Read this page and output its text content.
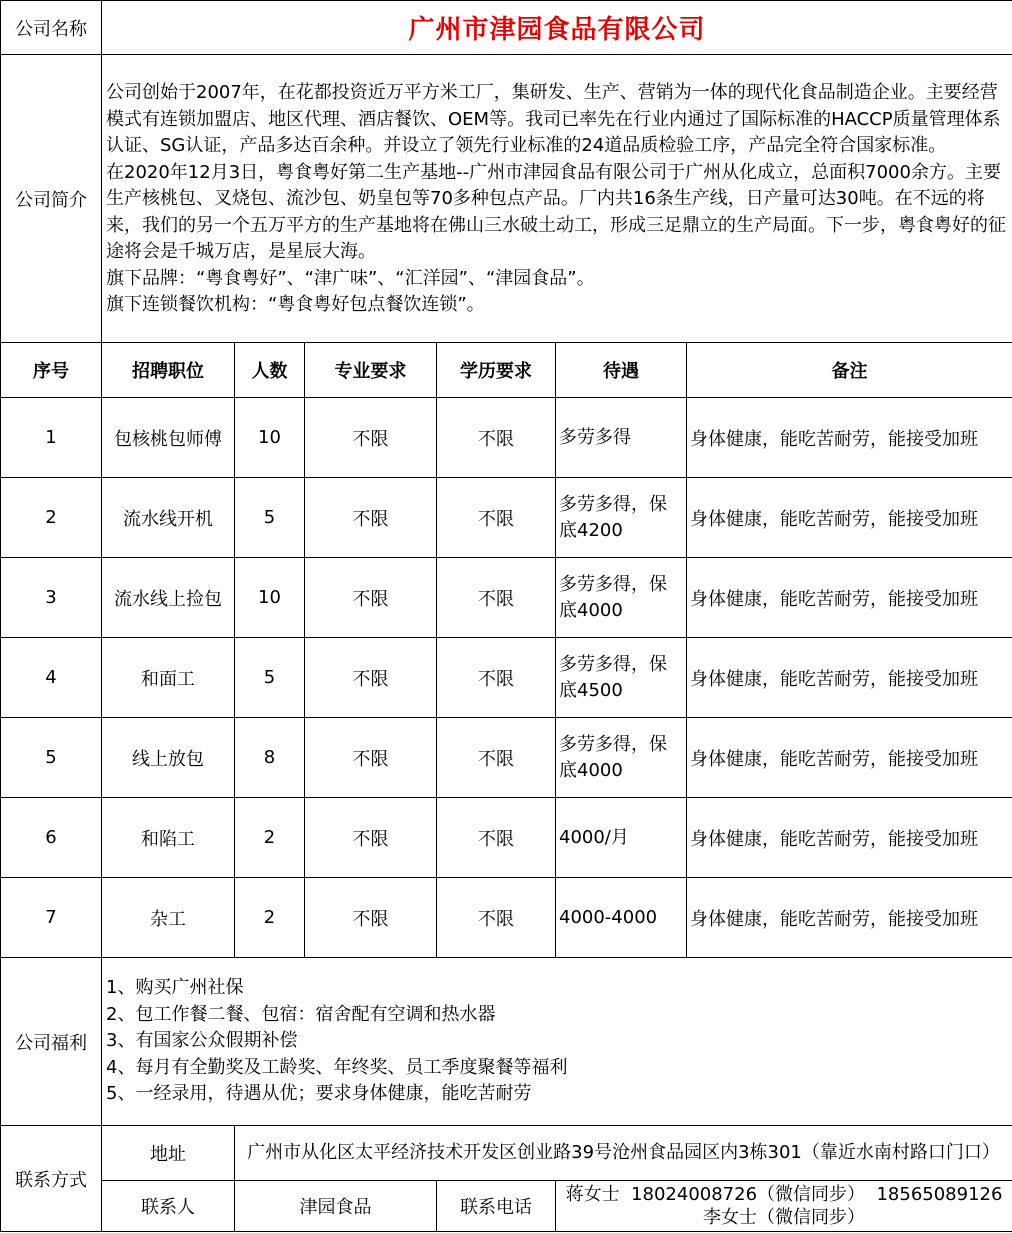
公司名称	广州市津园食品有限公司					
公司简介	公司创始于2007年，在花都投资近万平方米工厂，集研发、生产、营销为一体的现代化食品制造企业。主要经营模式有连锁加盟店、地区代理、酒店餐饮、OEM等。我司已率先在行业内通过了国际标准的HACCP质量管理体系认证、SG认证，产品多达百余种。并设立了领先行业标准的24道品质检验工序，产品完全符合国家标准。

在2020年12月3日，粤食粤好第二生产基地--广州市津园食品有限公司于广州从化成立，总面积7000余方。主要生产核桃包、叉烧包、流沙包、奶皇包等70多种包点产品。厂内共16条生产线，日产量可达30吨。在不远的将来，我们的另一个五万平方的生产基地将在佛山三水破土动工，形成三足鼎立的生产局面。下一步，粤食粤好的征途将会是千城万店，是星辰大海。

旗下品牌：“粤食粤好”、“津广味”、“汇洋园”、“津园食品”。

旗下连锁餐饮机构：“粤食粤好包点餐饮连锁”。					

序号	招聘职位	人数	专业要求	学历要求	待遇	备注
1	包核桃包师傅	10	不限	不限	多劳多得	身体健康，能吃苦耐劳，能接受加班
2	流水线开机	5	不限	不限	多劳多得，保底4200	身体健康，能吃苦耐劳，能接受加班
3	流水线上捡包	10	不限	不限	多劳多得，保底4000	身体健康，能吃苦耐劳，能接受加班
4	和面工	5	不限	不限	多劳多得，保底4500	身体健康，能吃苦耐劳，能接受加班
5	线上放包	8	不限	不限	多劳多得，保底4000	身体健康，能吃苦耐劳，能接受加班
6	和陷工	2	不限	不限	4000/月	身体健康，能吃苦耐劳，能接受加班
7	杂工	2	不限	不限	4000-4000	身体健康，能吃苦耐劳，能接受加班
公司福利	1、购买广州社保

2、包工作餐二餐、包宿：宿舍配有空调和热水器

3、有国家公众假期补偿

4、每月有全勤奖及工龄奖、年终奖、员工季度聚餐等福利

5、一经录用，待遇从优；要求身体健康，能吃苦耐劳					

联系方式	地址	广州市从化区太平经济技术开发区创业路39号沧州食品园区内3栋301（靠近水南村路口门口）				
	联系人	津园食品		联系电话	蒋女士  18024008726（微信同步）  18565089126
李女士（微信同步）	
